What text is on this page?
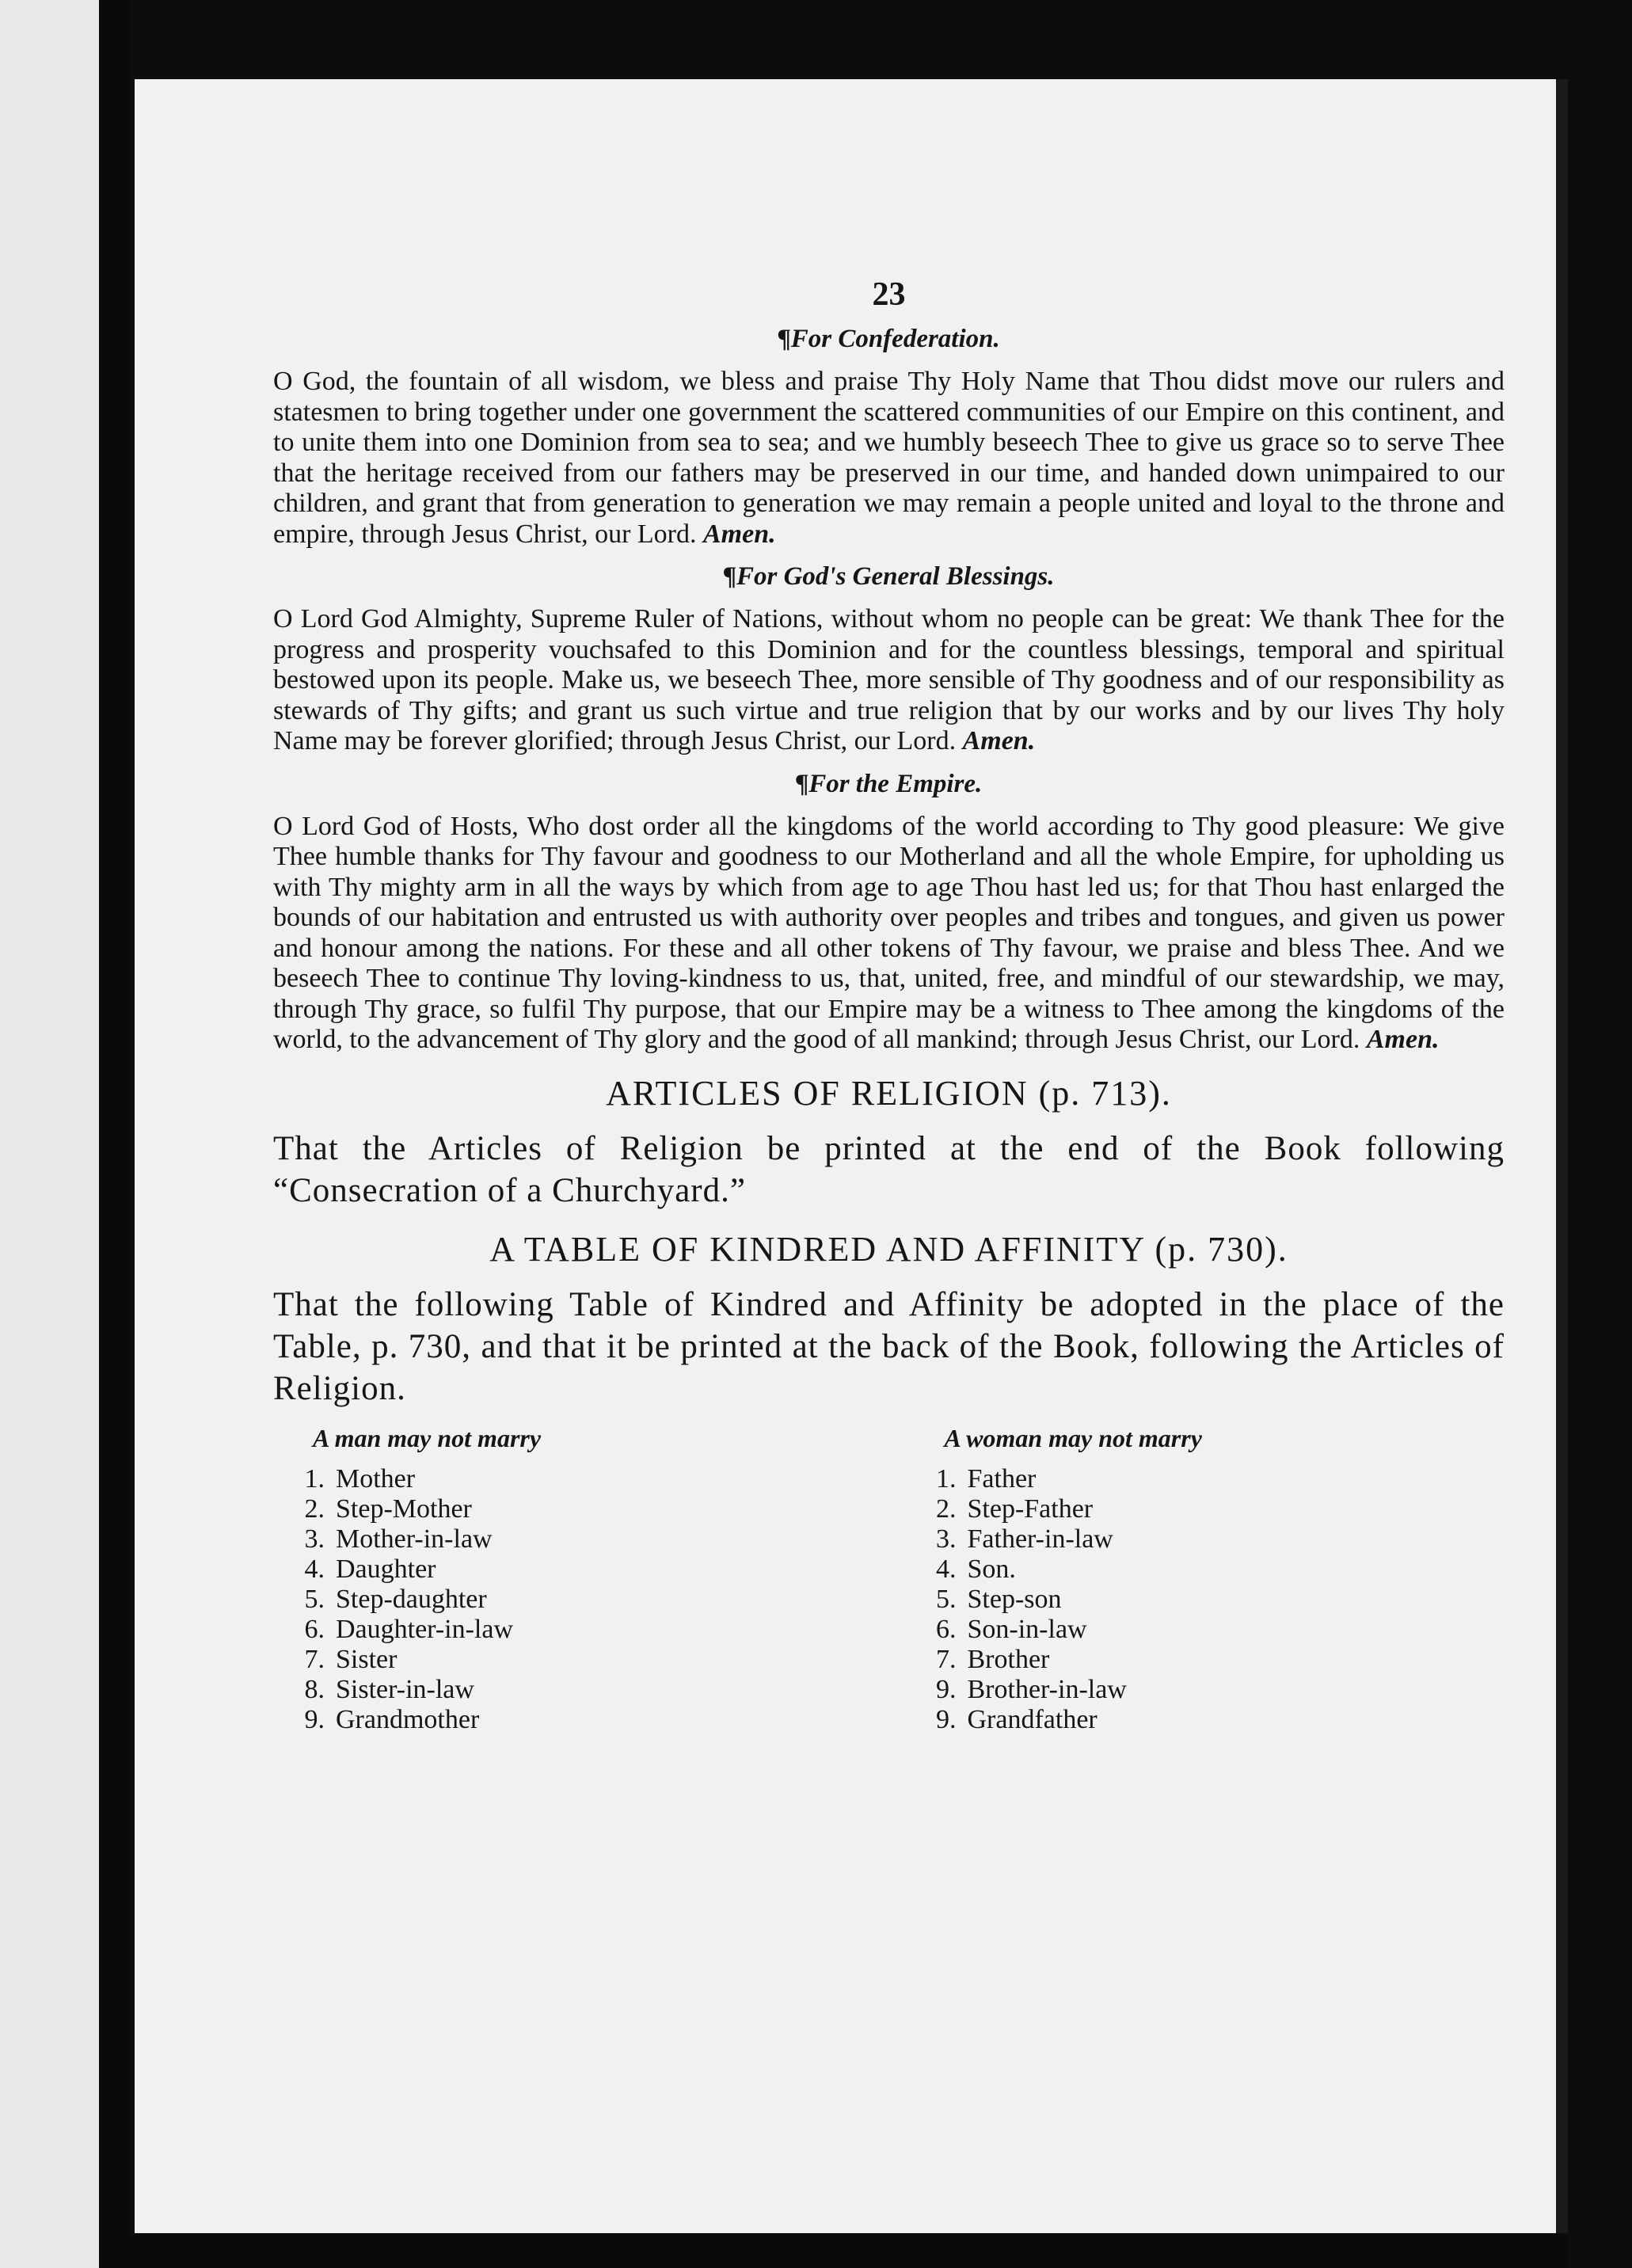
23
¶For Confederation.

O God, the fountain of all wisdom, we bless and praise Thy Holy Name that Thou didst move our rulers and statesmen to bring together under one government the scattered communities of our Empire on this continent, and to unite them into one Dominion from sea to sea; and we humbly beseech Thee to give us grace so to serve Thee that the heritage received from our fathers may be preserved in our time, and handed down unimpaired to our children, and grant that from generation to generation we may remain a people united and loyal to the throne and empire, through Jesus Christ, our Lord. Amen.

¶For God's General Blessings.

O Lord God Almighty, Supreme Ruler of Nations, without whom no people can be great: We thank Thee for the progress and prosperity vouchsafed to this Dominion and for the countless blessings, temporal and spiritual bestowed upon its people. Make us, we beseech Thee, more sensible of Thy goodness and of our responsibility as stewards of Thy gifts; and grant us such virtue and true religion that by our works and by our lives Thy holy Name may be forever glorified; through Jesus Christ, our Lord. Amen.

¶For the Empire.

O Lord God of Hosts, Who dost order all the kingdoms of the world according to Thy good pleasure: We give Thee humble thanks for Thy favour and goodness to our Motherland and all the whole Empire, for upholding us with Thy mighty arm in all the ways by which from age to age Thou hast led us; for that Thou hast enlarged the bounds of our habitation and entrusted us with authority over peoples and tribes and tongues, and given us power and honour among the nations. For these and all other tokens of Thy favour, we praise and bless Thee. And we beseech Thee to continue Thy loving-kindness to us, that, united, free, and mindful of our stewardship, we may, through Thy grace, so fulfil Thy purpose, that our Empire may be a witness to Thee among the kingdoms of the world, to the advancement of Thy glory and the good of all mankind; through Jesus Christ, our Lord. Amen.

ARTICLES OF RELIGION (p. 713).

That the Articles of Religion be printed at the end of the Book following “Consecration of a Churchyard.”

A TABLE OF KINDRED AND AFFINITY (p. 730).

That the following Table of Kindred and Affinity be adopted in the place of the Table, p. 730, and that it be printed at the back of the Book, following the Articles of Religion.

A man may not marry
1. Mother
2. Step-Mother
3. Mother-in-law
4. Daughter
5. Step-daughter
6. Daughter-in-law
7. Sister
8. Sister-in-law
9. Grandmother
A woman may not marry
1. Father
2. Step-Father
3. Father-in-law
4. Son.
5. Step-son
6. Son-in-law
7. Brother
9. Brother-in-law
9. Grandfather
